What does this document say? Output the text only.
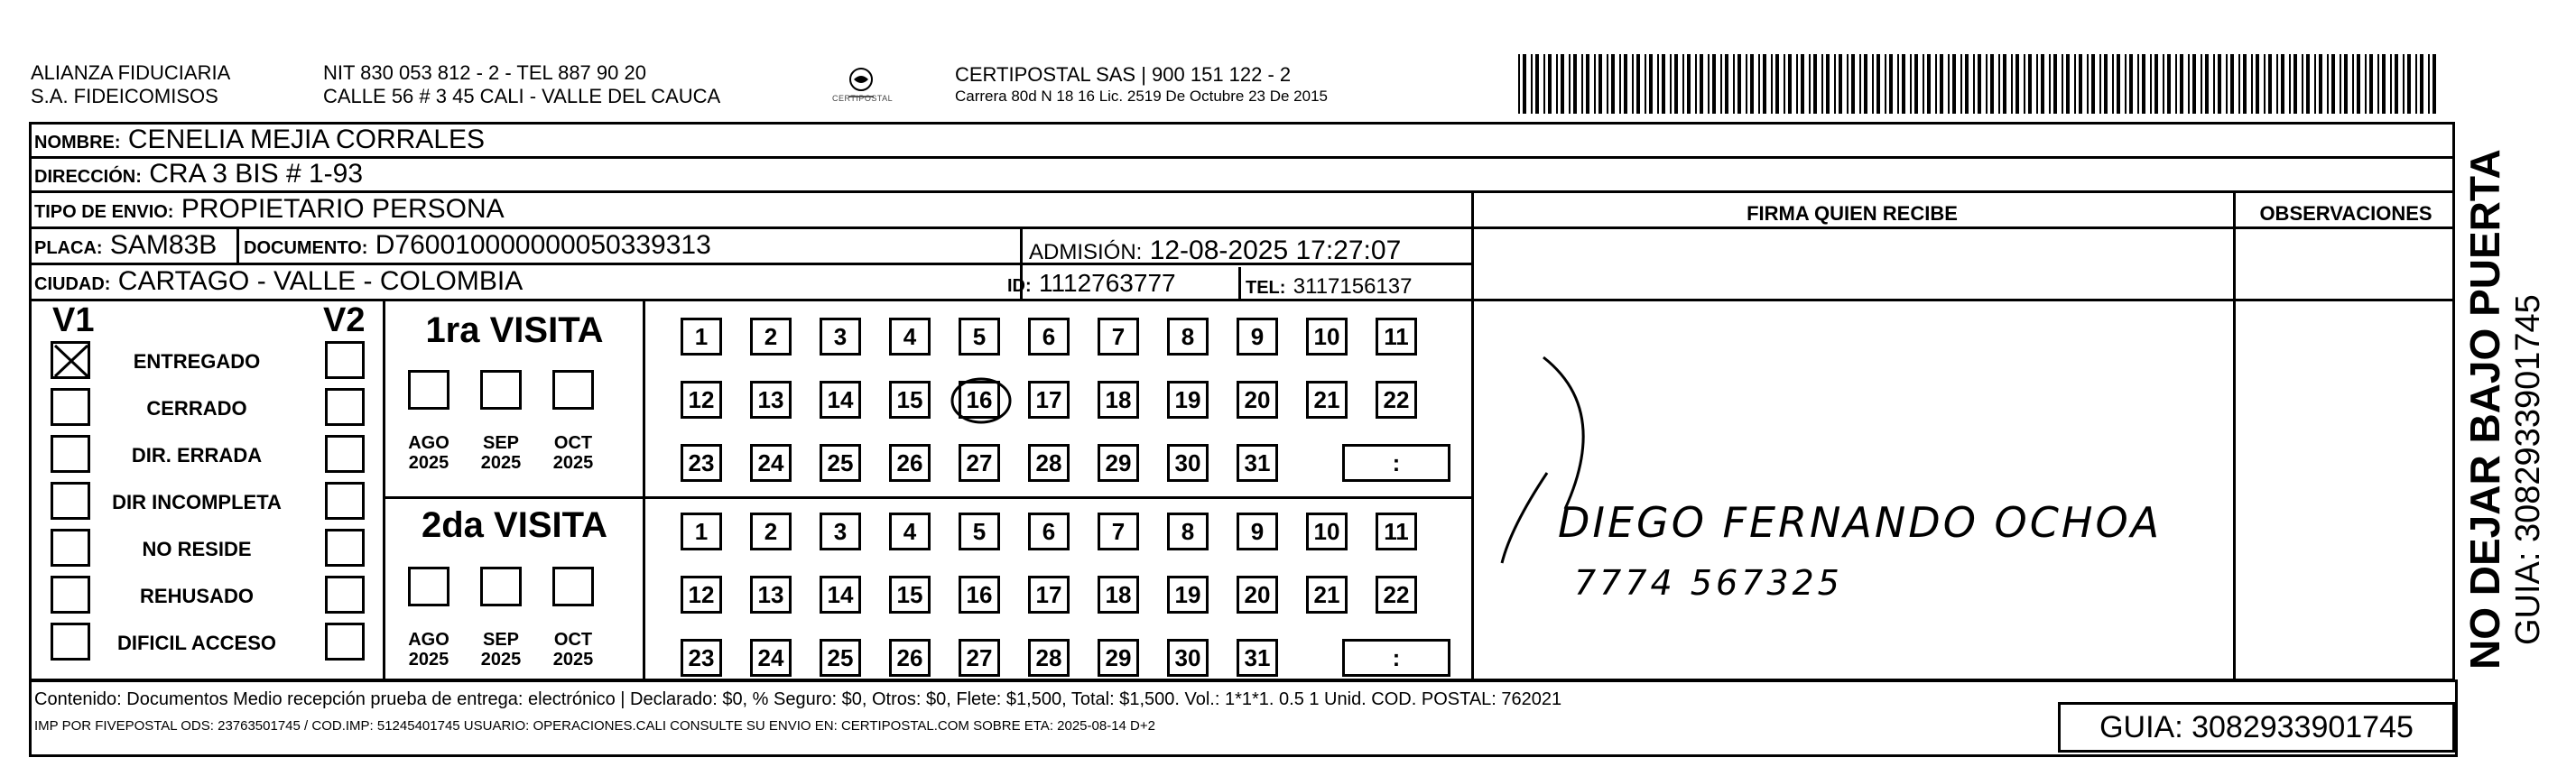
ALIANZA FIDUCIARIA
S.A. FIDEICOMISOS
NIT 830 053 812 - 2 - TEL 887 90 20
CALLE 56 # 3 45 CALI - VALLE DEL CAUCA	CERTIPOSTAL
CERTIPOSTAL SAS | 900 151 122 - 2
Carrera 80d N 18 16 Lic. 2519 De Octubre 23 De 2015
NOMBRE: CENELIA MEJIA CORRALES
DIRECCIÓN: CRA 3 BIS # 1-93
TIPO DE ENVIO: PROPIETARIO PERSONA
PLACA: SAM83B DOCUMENTO: D760010000000050339313	ADMISIÓN: 12-08-2025 17:27:07
CIUDAD: CARTAGO - VALLE - COLOMBIA	ID: 1112763777	TEL: 3117156137
FIRMA QUIEN RECIBE	OBSERVACIONES
DIEGO FERNANDO OCHOA
7774 567325
V1	V2
ENTREGADO
CERRADO
DIR. ERRADA
DIR INCOMPLETA
NO RESIDE
REHUSADO
DIFICIL ACCESO
1ra VISITA
2da VISITA
AGO
2025
SEP
2025
OCT
2025
AGO
2025
SEP
2025
OCT
2025
1	2	3	4	5	6	7	8	9	10	11
12	13	14	15	16	17	18	19	20	21	22
23	24	25	26	27	28	29	30	31	:
1	2	3	4	5	6	7	8	9	10	11
12	13	14	15	16	17	18	19	20	21	22
23	24	25	26	27	28	29	30	31	:
Contenido: Documentos Medio recepción prueba de entrega: electrónico | Declarado: $0, % Seguro: $0, Otros: $0, Flete: $1,500, Total: $1,500. Vol.: 1*1*1. 0.5 1 Unid. COD. POSTAL: 762021
IMP POR FIVEPOSTAL ODS: 23763501745 / COD.IMP: 51245401745 USUARIO: OPERACIONES.CALI CONSULTE SU ENVIO EN: CERTIPOSTAL.COM SOBRE ETA: 2025-08-14 D+2	GUIA: 3082933901745
NO DEJAR BAJO PUERTA GUIA: 3082933901745
